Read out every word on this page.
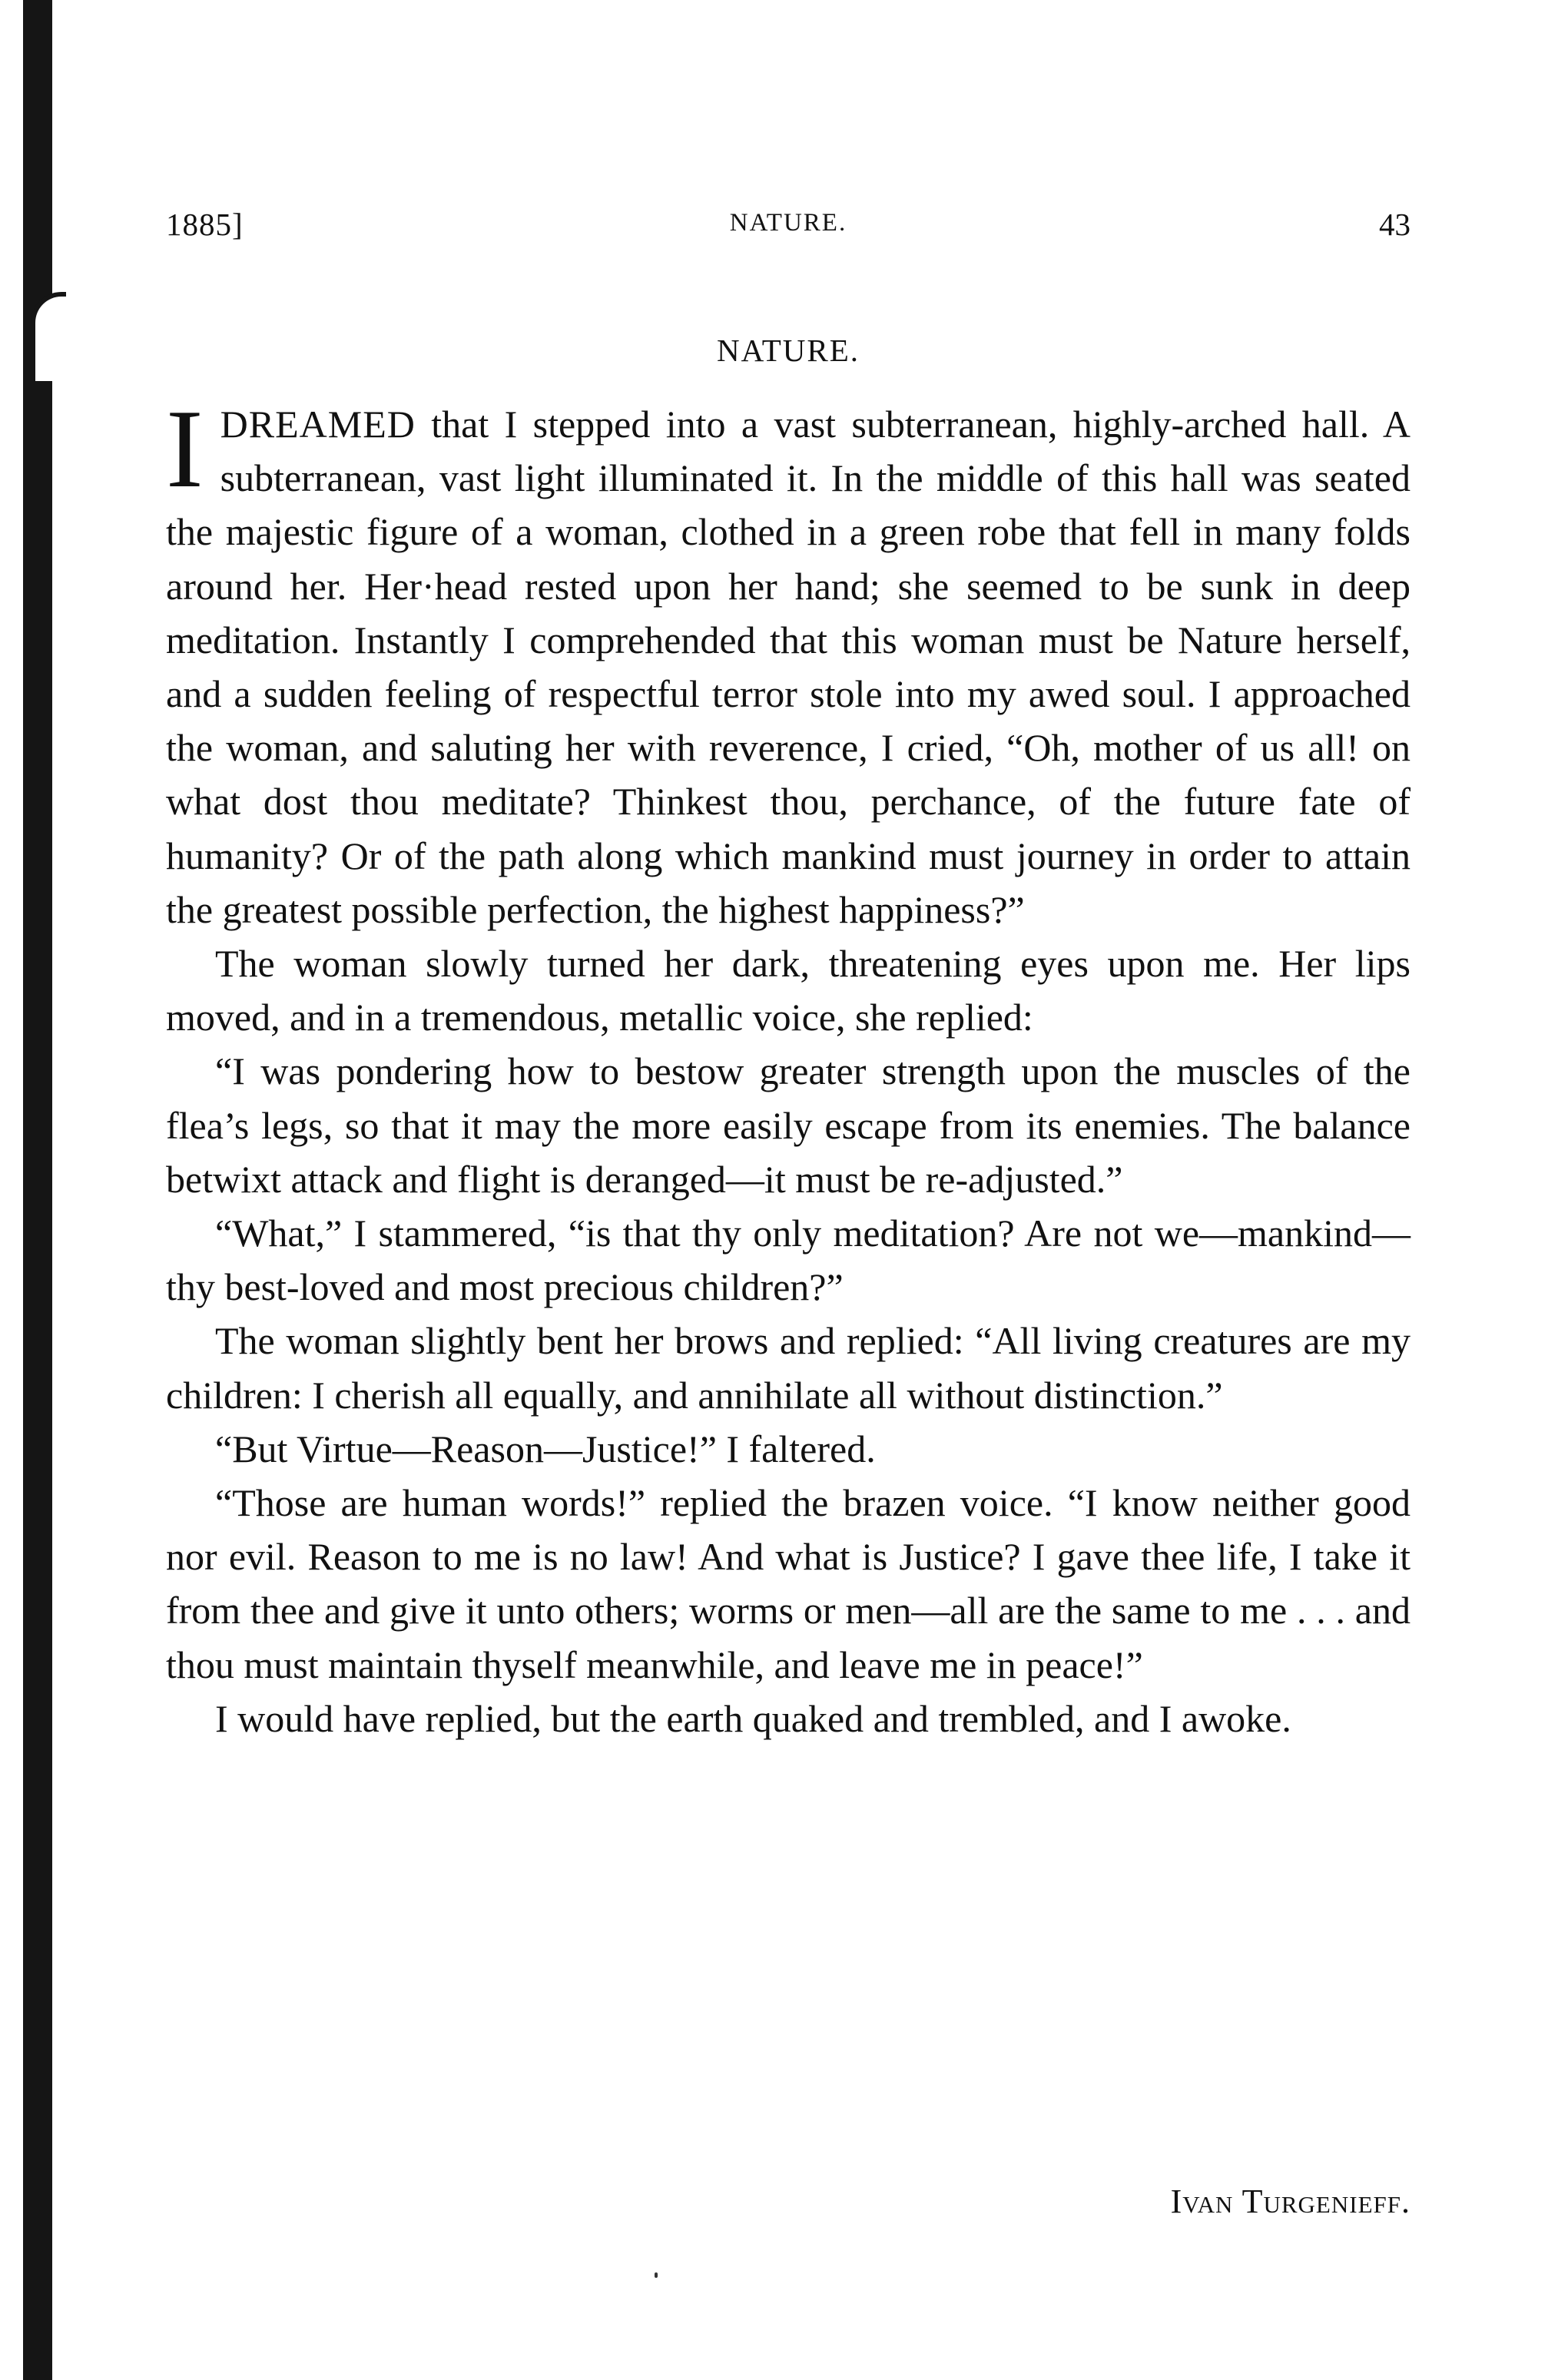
1885]	NATURE.	43
NATURE.

IDREAMED that I stepped into a vast subterranean, highly-arched hall. A subterranean, vast light illuminated it. In the middle of this hall was seated the majestic figure of a woman, clothed in a green robe that fell in many folds around her. Her·head rested upon her hand; she seemed to be sunk in deep meditation. Instantly I comprehended that this woman must be Nature herself, and a sudden feeling of respectful terror stole into my awed soul. I approached the woman, and saluting her with reverence, I cried, “Oh, mother of us all! on what dost thou meditate? Thinkest thou, perchance, of the future fate of humanity? Or of the path along which mankind must journey in order to attain the greatest possible perfection, the highest happiness?”

The woman slowly turned her dark, threatening eyes upon me. Her lips moved, and in a tremendous, metallic voice, she replied:

“I was pondering how to bestow greater strength upon the muscles of the flea’s legs, so that it may the more easily escape from its enemies. The balance betwixt attack and flight is deranged—it must be re-adjusted.”

“What,” I stammered, “is that thy only meditation? Are not we—mankind—thy best-loved and most precious children?”

The woman slightly bent her brows and replied: “All living creatures are my children: I cherish all equally, and annihilate all without distinction.”

“But Virtue—Reason—Justice!” I faltered.

“Those are human words!” replied the brazen voice. “I know neither good nor evil. Reason to me is no law! And what is Justice? I gave thee life, I take it from thee and give it unto others; worms or men—all are the same to me . . . and thou must maintain thyself meanwhile, and leave me in peace!”

I would have replied, but the earth quaked and trembled, and I awoke.

Ivan Turgenieff.
